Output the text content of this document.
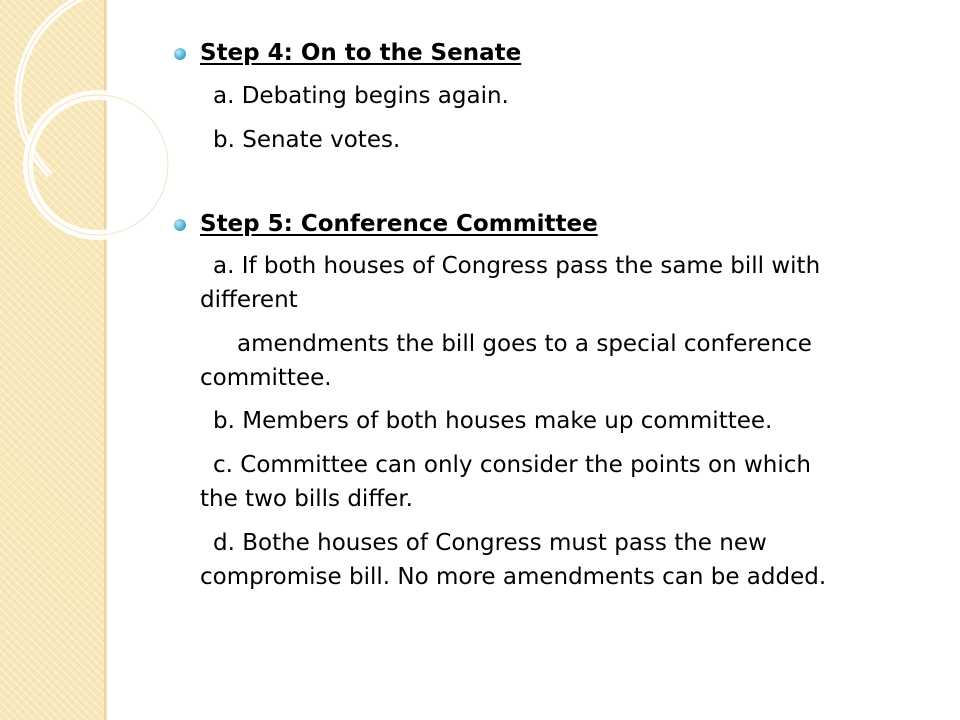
Step 4: On to the Senate
a. Debating begins again.
b. Senate votes.
Step 5: Conference Committee
a. If both houses of Congress pass the same bill with
different
amendments the bill goes to a special conference
committee.
b. Members of both houses make up committee.
c. Committee can only consider the points on which
the two bills differ.
d. Bothe houses of Congress must pass the new
compromise bill. No more amendments can be added.
